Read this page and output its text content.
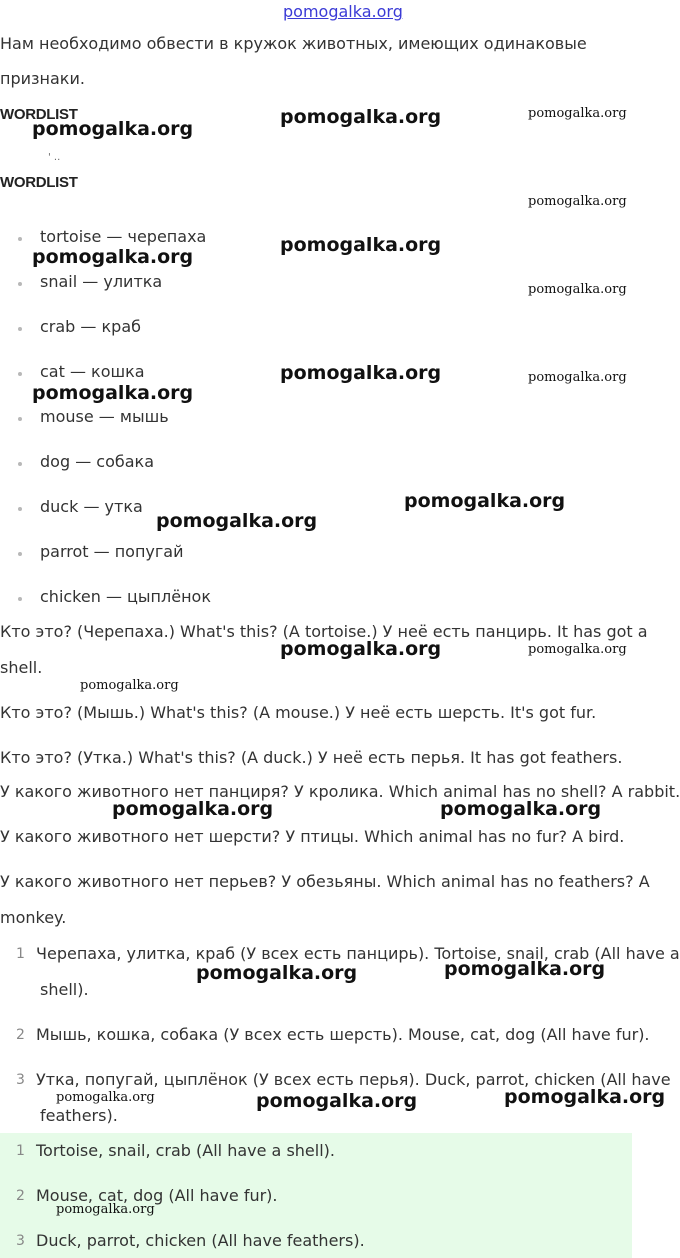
pomogalka.org
Нам необходимо обвести в кружок животных, имеющих одинаковые
признаки.
WORDLIST
' ..
WORDLIST
tortoise — черепаха
snail — улитка
crab — краб
cat — кошка
mouse — мышь
dog — собака
duck — утка
parrot — попугай
chicken — цыплёнок
Кто это? (Черепаха.) What's this? (A tortoise.) У неё есть панцирь. It has got a
shell.
Кто это? (Мышь.) What's this? (A mouse.) У неё есть шерсть. It's got fur.
Кто это? (Утка.) What's this? (A duck.) У неё есть перья. It has got feathers.
У какого животного нет панциря? У кролика. Which animal has no shell? A rabbit.
У какого животного нет шерсти? У птицы. Which animal has no fur? A bird.
У какого животного нет перьев? У обезьяны. Which animal has no feathers? A
monkey.
1 Черепаха, улитка, краб (У всех есть панцирь). Tortoise, snail, crab (All have a
shell).
2 Мышь, кошка, собака (У всех есть шерсть). Mouse, cat, dog (All have fur).
3 Утка, попугай, цыплёнок (У всех есть перья). Duck, parrot, chicken (All have
feathers).
1 Tortoise, snail, crab (All have a shell).
2 Mouse, cat, dog (All have fur).
3 Duck, parrot, chicken (All have feathers).
pomogalka.org
pomogalka.org
pomogalka.org
pomogalka.org
pomogalka.org
pomogalka.org
pomogalka.org
pomogalka.org
pomogalka.org
pomogalka.org	pomogalka.org
pomogalka.org	pomogalka.org
pomogalka.org	pomogalka.org
pomogalka.org
pomogalka.org
pomogalka.org
pomogalka.org
pomogalka.org
pomogalka.org
pomogalka.org
pomogalka.org
